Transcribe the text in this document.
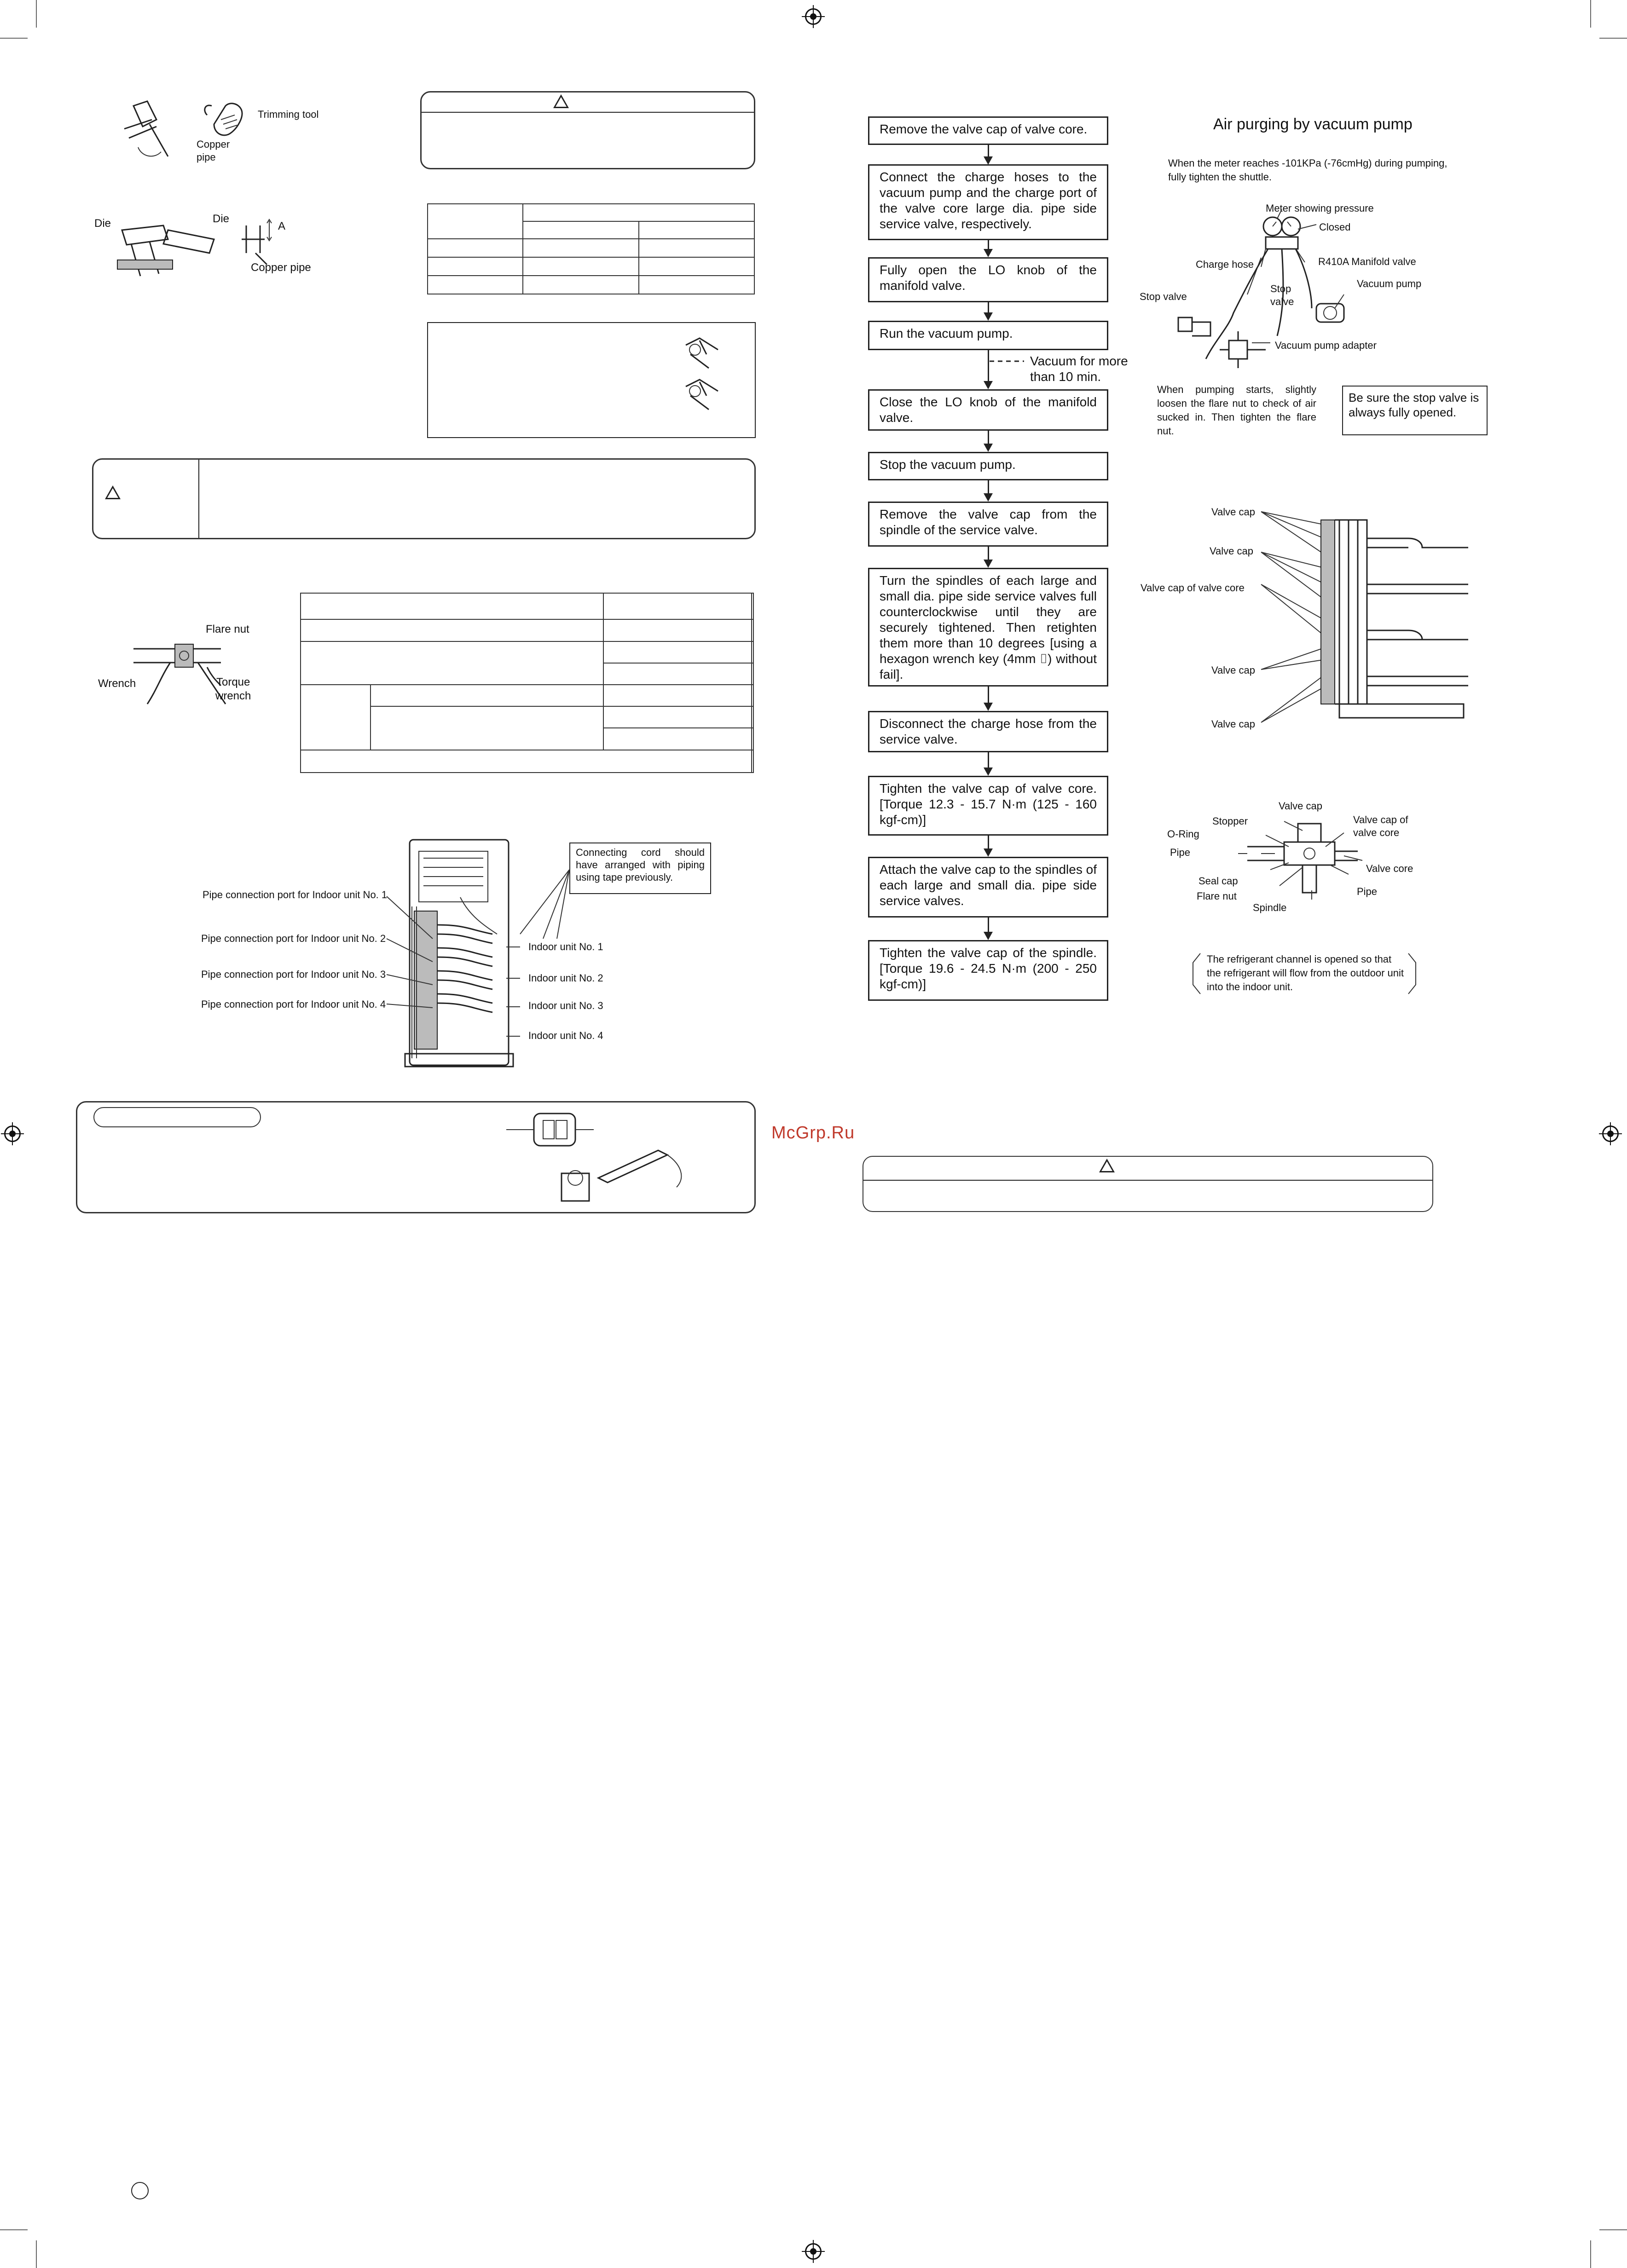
Trimming tool
Copper
pipe
Die	Die
A
Copper pipe

Flare nut
Wrench	Torque
wrench

Pipe connection port for Indoor unit No. 1
Pipe connection port for Indoor unit No. 2
Pipe connection port for Indoor unit No. 3
Pipe connection port for Indoor unit No. 4
Indoor unit No. 1
Indoor unit No. 2
Indoor unit No. 3
Indoor unit No. 4
Connecting cord should have arranged with piping using tape previously.
Remove the valve cap of valve core.
Connect the charge hoses to the vacuum pump and the charge port of the valve core large dia. pipe side service valve, respectively.
Fully open the LO knob of the manifold valve.
Run the vacuum pump.
Close the LO knob of the manifold valve.
Stop the vacuum pump.
Remove the valve cap from the spindle of the service valve.
Turn the spindles of each large and small dia. pipe side service valves full counterclockwise until they are securely tightened. Then retighten them more than 10 degrees [using a hexagon wrench key (4mm ⌷) without fail].
Disconnect the charge hose from the service valve.
Tighten the valve cap of valve core. [Torque 12.3 - 15.7 N·m (125 - 160 kgf-cm)]
Attach the valve cap to the spindles of each large and small dia. pipe side service valves.
Tighten the valve cap of the spindle. [Torque 19.6 - 24.5 N·m (200 - 250 kgf-cm)]
Vacuum for more than 10 min.
Air purging by vacuum pump
When the meter reaches -101KPa (-76cmHg) during pumping, fully tighten the shuttle.
Meter showing pressure
Closed
Charge hose	R410A Manifold valve
Vacuum pump
Stop valve
Stop
valve
Vacuum pump adapter
When pumping starts, slightly loosen the flare nut to check of air sucked in. Then tighten the flare nut.
Be sure the stop valve is always fully opened.
Valve cap
Valve cap
Valve cap of valve core
Valve cap
Valve cap
Valve cap
Stopper	Valve cap of
valve core
O-Ring
Pipe
Valve core
Seal cap
Pipe
Flare nut
Spindle
The refrigerant channel is opened so that the refrigerant will flow from the outdoor unit into the indoor unit.
McGrp.Ru
